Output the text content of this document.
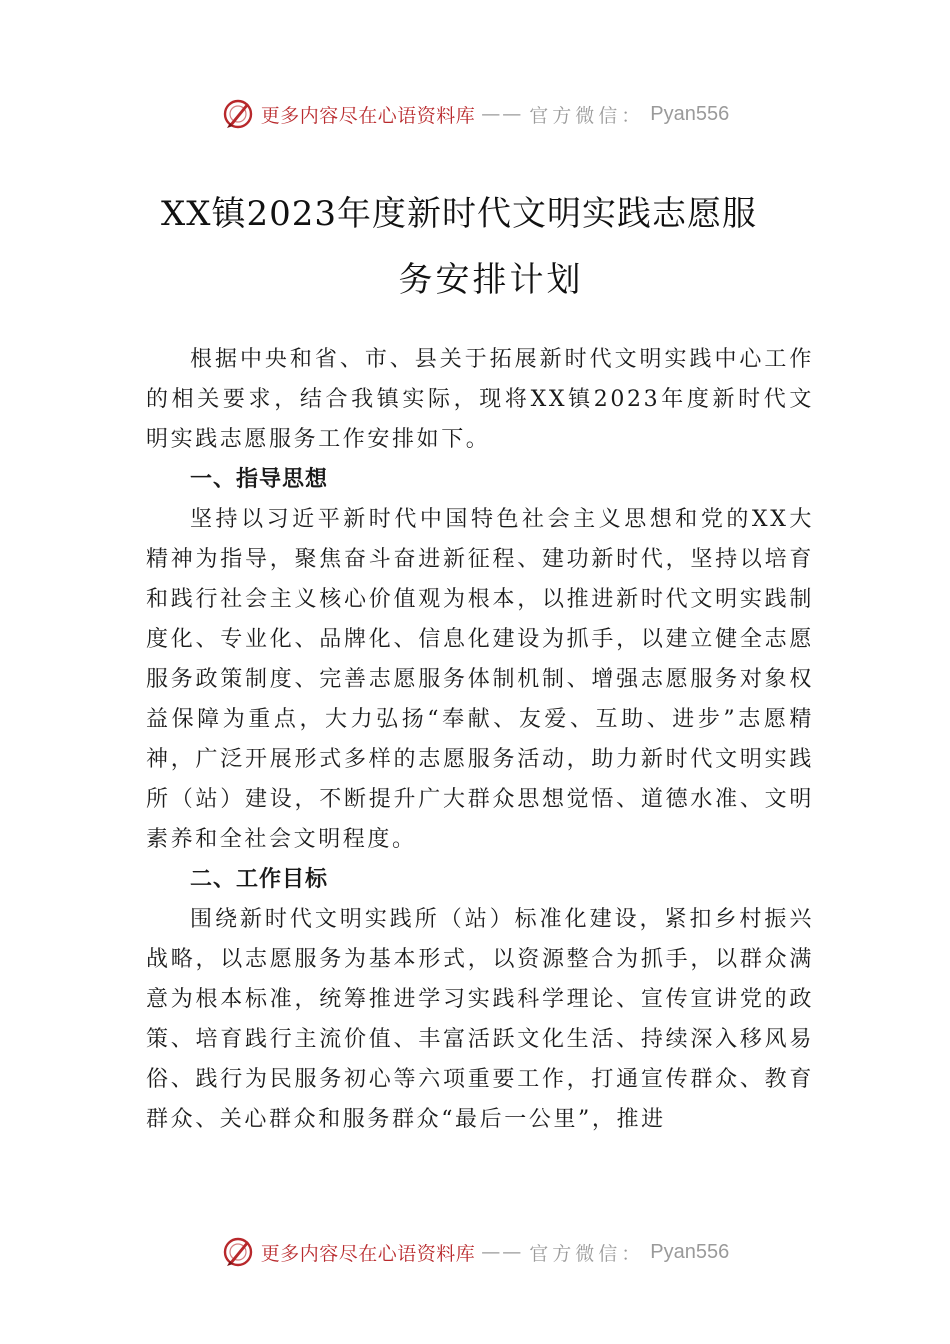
更多内容尽在心语资料库 —— 官方微信： Pyan556
XX镇2023年度新时代文明实践志愿服
务安排计划

根据中央和省、市、县关于拓展新时代文明实践中心工作的相关要求，结合我镇实际，现将XX镇2023年度新时代文明实践志愿服务工作安排如下。

一、指导思想

坚持以习近平新时代中国特色社会主义思想和党的XX大精神为指导，聚焦奋斗奋进新征程、建功新时代，坚持以培育和践行社会主义核心价值观为根本，以推进新时代文明实践制度化、专业化、品牌化、信息化建设为抓手，以建立健全志愿服务政策制度、完善志愿服务体制机制、增强志愿服务对象权益保障为重点，大力弘扬“奉献、友爱、互助、进步”志愿精神，广泛开展形式多样的志愿服务活动，助力新时代文明实践所（站）建设，不断提升广大群众思想觉悟、道德水准、文明素养和全社会文明程度。

二、工作目标

围绕新时代文明实践所（站）标准化建设，紧扣乡村振兴战略，以志愿服务为基本形式，以资源整合为抓手，以群众满意为根本标准，统筹推进学习实践科学理论、宣传宣讲党的政策、培育践行主流价值、丰富活跃文化生活、持续深入移风易俗、践行为民服务初心等六项重要工作，打通宣传群众、教育群众、关心群众和服务群众“最后一公里”，推进

更多内容尽在心语资料库 —— 官方微信： Pyan556
